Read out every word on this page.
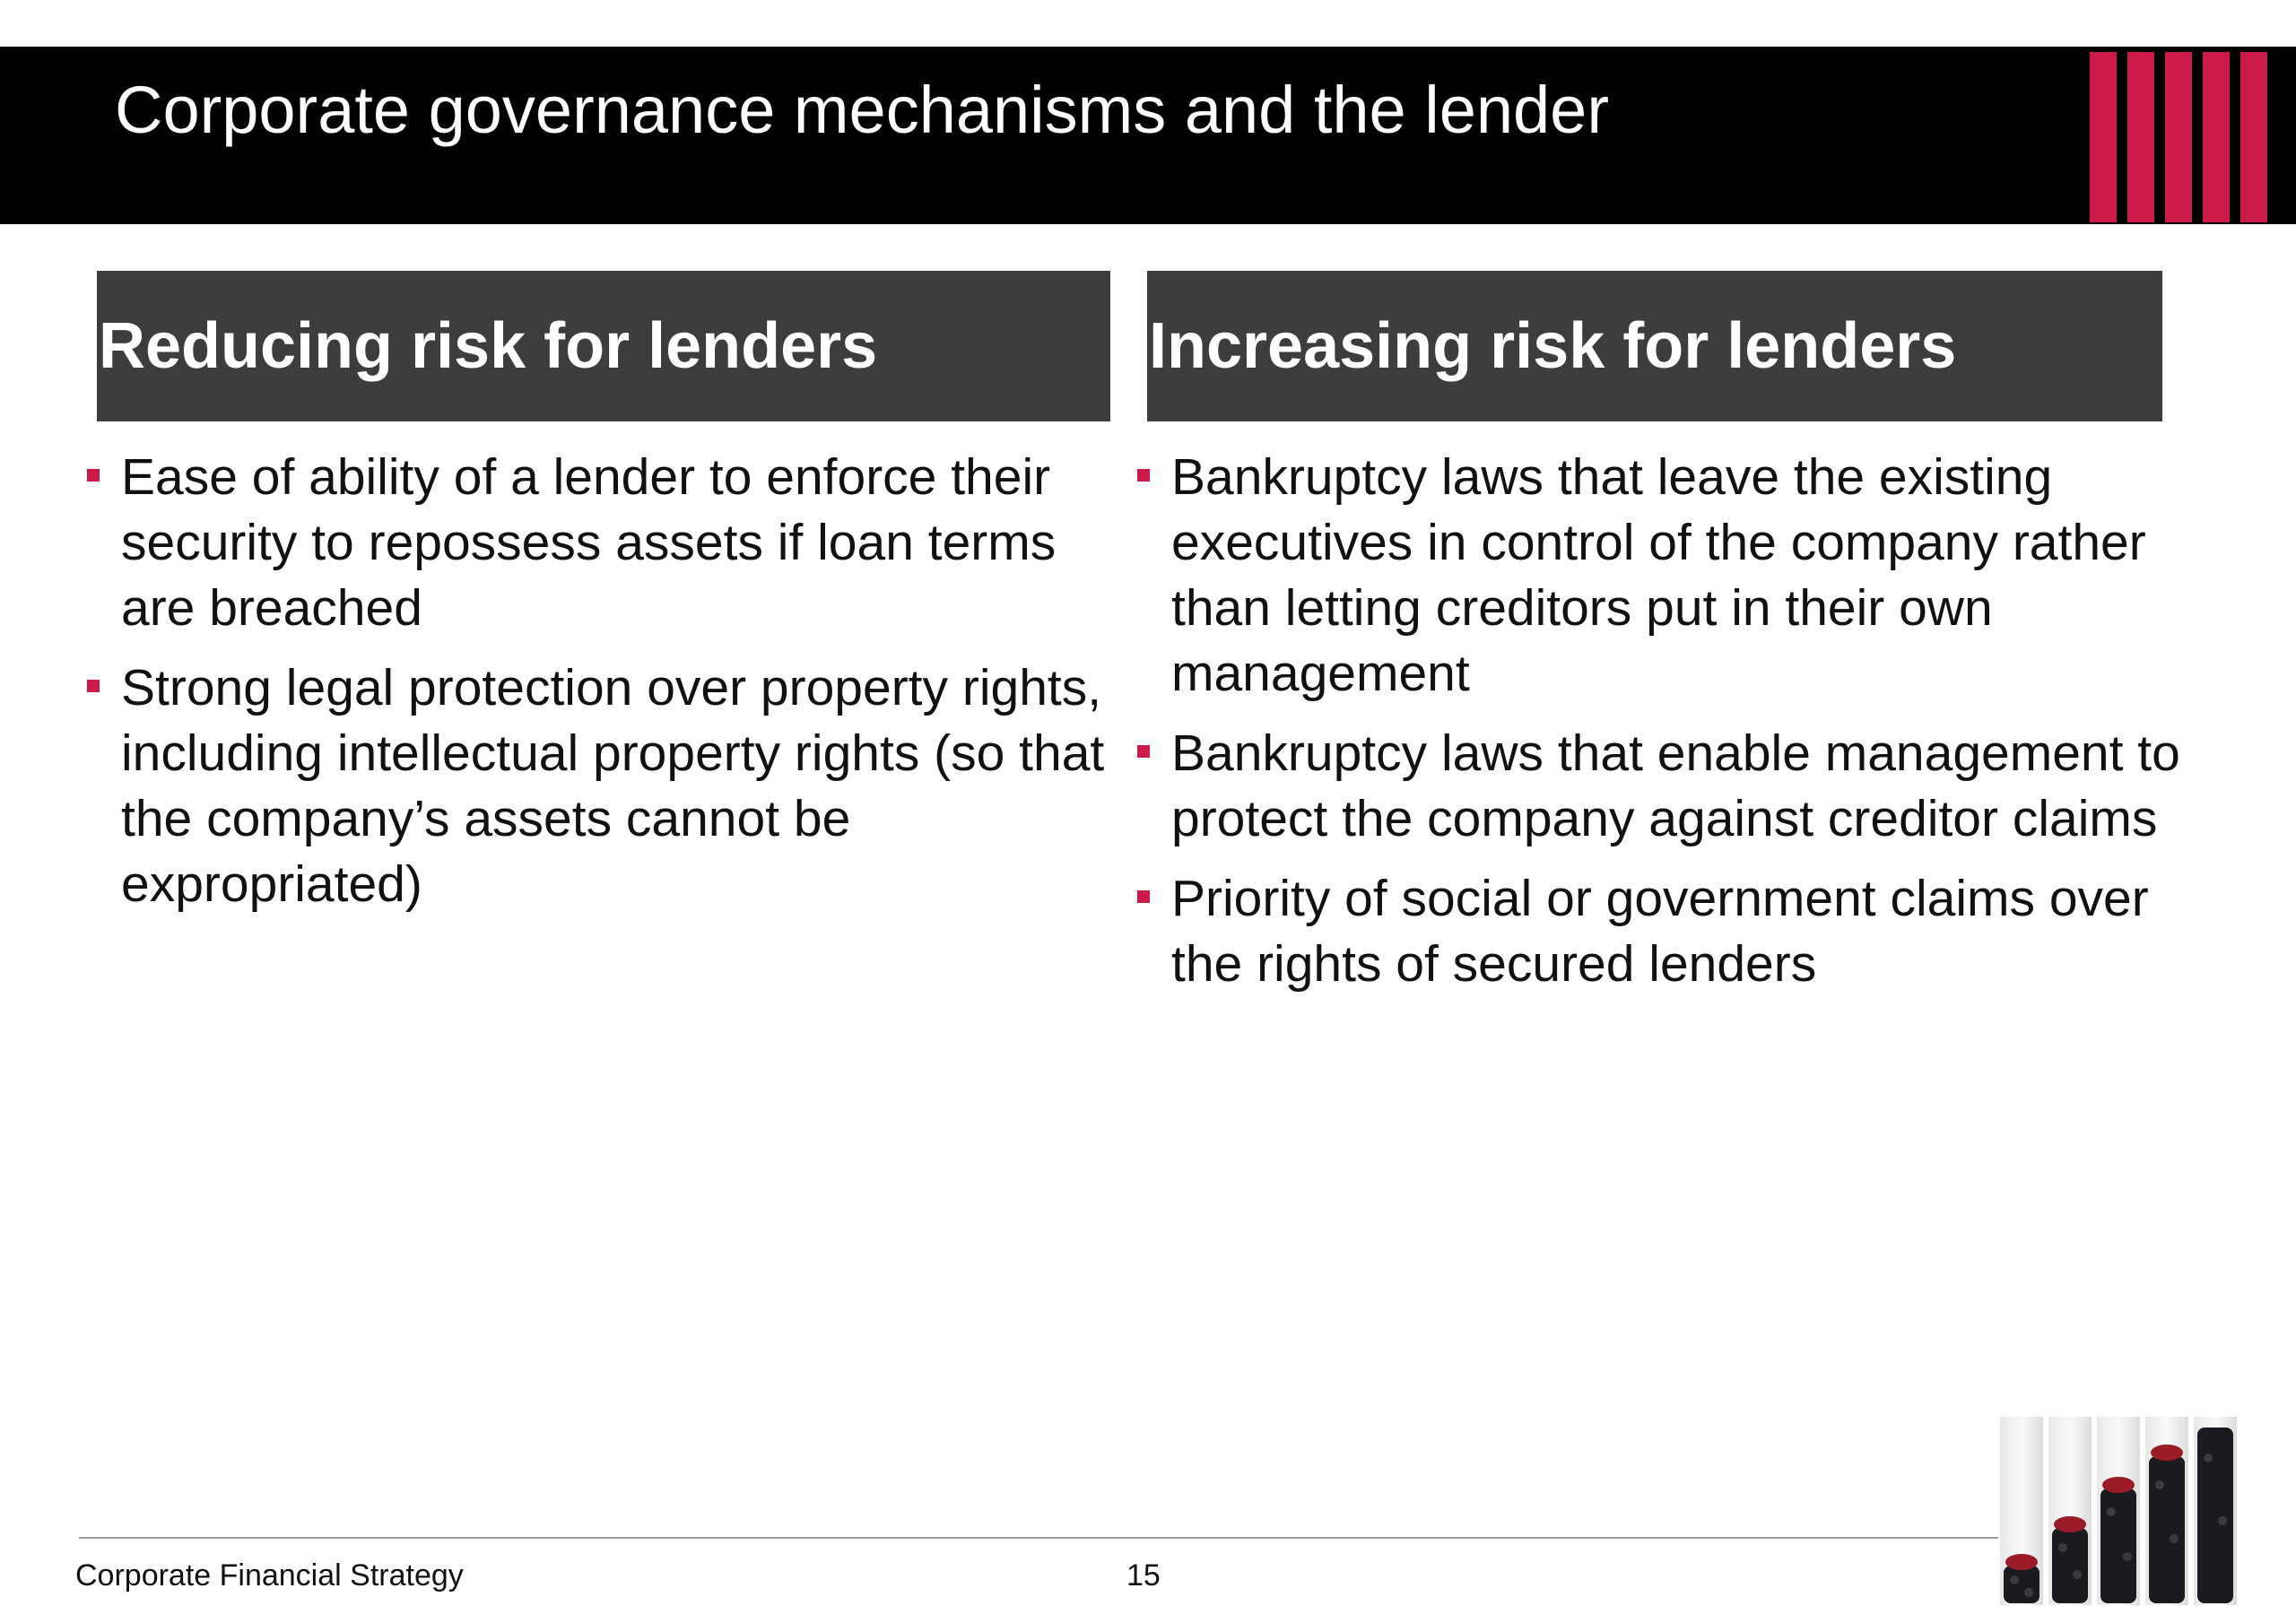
Corporate governance mechanisms and the lender
Reducing risk for lenders	Increasing risk for lenders
Ease of ability of a lender to enforce their security to repossess assets if loan terms are breached
Strong legal protection over property rights, including intellectual property rights (so that the company’s assets cannot be expropriated)
Bankruptcy laws that leave the existing executives in control of the company rather than letting creditors put in their own management
Bankruptcy laws that enable management to protect the company against creditor claims
Priority of social or government claims over the rights of secured lenders
Corporate Financial Strategy	15
